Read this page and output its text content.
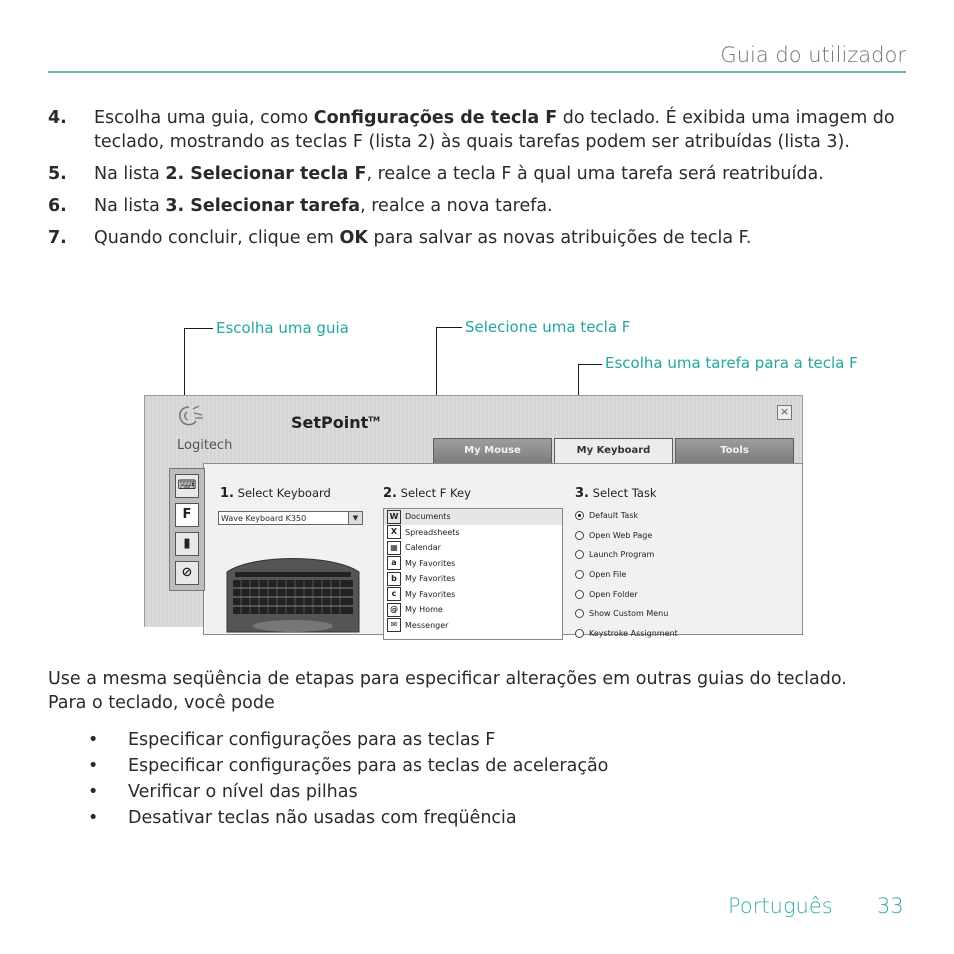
Guia do utilizador
4.	Escolha uma guia, como Configurações de tecla F do teclado. É exibida uma imagem do teclado, mostrando as teclas F (lista 2) às quais tarefas podem ser atribuídas (lista 3).
5.	Na lista 2. Selecionar tecla F, realce a tecla F à qual uma tarefa será reatribuída.
6.	Na lista 3. Selecionar tarefa, realce a nova tarefa.
7.	Quando concluir, clique em OK para salvar as novas atribuições de tecla F.
Escolha uma guia	Selecione uma tecla F
Escolha uma tarefa para a tecla F
Logitech
SetPoint™
×
My Mouse	My Keyboard	Tools
⌨
F
▮
⊘
1. Select Keyboard	2. Select F Key	3. Select Task
Wave Keyboard K350	▼	W Documents
X Spreadsheets
▦ Calendar
a	My Favorites
b	My Favorites
c	My Favorites
@ My Home
✉ Messenger
Default Task
Open Web Page
Launch Program
Open File
Open Folder
Show Custom Menu
Keystroke Assignment
Use a mesma seqüência de etapas para especificar alterações em outras guias do teclado. Para o teclado, você pode
•	Especificar configurações para as teclas F
•	Especificar configurações para as teclas de aceleração
•	Verificar o nível das pilhas
•	Desativar teclas não usadas com freqüência
Português 33
